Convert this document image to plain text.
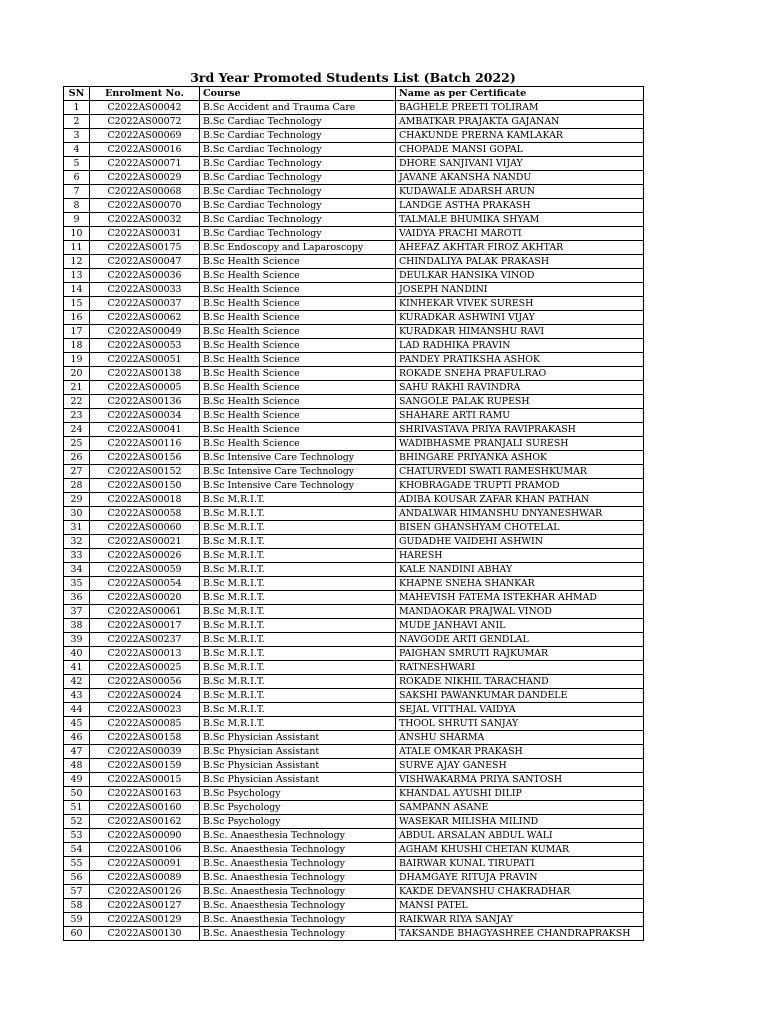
3rd Year Promoted Students List (Batch 2022)
SN	Enrolment No.	Course	Name as per Certificate
1	C2022AS00042	B.Sc Accident and Trauma Care	BAGHELE PREETI TOLIRAM
2	C2022AS00072	B.Sc Cardiac Technology	AMBATKAR PRAJAKTA GAJANAN
3	C2022AS00069	B.Sc Cardiac Technology	CHAKUNDE PRERNA KAMLAKAR
4	C2022AS00016	B.Sc Cardiac Technology	CHOPADE MANSI GOPAL
5	C2022AS00071	B.Sc Cardiac Technology	DHORE SANJIVANI VIJAY
6	C2022AS00029	B.Sc Cardiac Technology	JAVANE AKANSHA NANDU
7	C2022AS00068	B.Sc Cardiac Technology	KUDAWALE ADARSH ARUN
8	C2022AS00070	B.Sc Cardiac Technology	LANDGE ASTHA PRAKASH
9	C2022AS00032	B.Sc Cardiac Technology	TALMALE BHUMIKA SHYAM
10	C2022AS00031	B.Sc Cardiac Technology	VAIDYA PRACHI MAROTI
11	C2022AS00175	B.Sc Endoscopy and Laparoscopy	AHEFAZ AKHTAR FIROZ AKHTAR
12	C2022AS00047	B.Sc Health Science	CHINDALIYA PALAK PRAKASH
13	C2022AS00036	B.Sc Health Science	DEULKAR HANSIKA VINOD
14	C2022AS00033	B.Sc Health Science	JOSEPH NANDINI
15	C2022AS00037	B.Sc Health Science	KINHEKAR VIVEK SURESH
16	C2022AS00062	B.Sc Health Science	KURADKAR ASHWINI VIJAY
17	C2022AS00049	B.Sc Health Science	KURADKAR HIMANSHU RAVI
18	C2022AS00053	B.Sc Health Science	LAD RADHIKA PRAVIN
19	C2022AS00051	B.Sc Health Science	PANDEY PRATIKSHA ASHOK
20	C2022AS00138	B.Sc Health Science	ROKADE SNEHA PRAFULRAO
21	C2022AS00005	B.Sc Health Science	SAHU RAKHI RAVINDRA
22	C2022AS00136	B.Sc Health Science	SANGOLE PALAK RUPESH
23	C2022AS00034	B.Sc Health Science	SHAHARE ARTI RAMU
24	C2022AS00041	B.Sc Health Science	SHRIVASTAVA PRIYA RAVIPRAKASH
25	C2022AS00116	B.Sc Health Science	WADIBHASME PRANJALI SURESH
26	C2022AS00156	B.Sc Intensive Care Technology	BHINGARE PRIYANKA ASHOK
27	C2022AS00152	B.Sc Intensive Care Technology	CHATURVEDI SWATI RAMESHKUMAR
28	C2022AS00150	B.Sc Intensive Care Technology	KHOBRAGADE TRUPTI PRAMOD
29	C2022AS00018	B.Sc M.R.I.T.	ADIBA KOUSAR ZAFAR KHAN PATHAN
30	C2022AS00058	B.Sc M.R.I.T.	ANDALWAR HIMANSHU DNYANESHWAR
31	C2022AS00060	B.Sc M.R.I.T.	BISEN GHANSHYAM CHOTELAL
32	C2022AS00021	B.Sc M.R.I.T.	GUDADHE VAIDEHI ASHWIN
33	C2022AS00026	B.Sc M.R.I.T.	HARESH
34	C2022AS00059	B.Sc M.R.I.T.	KALE NANDINI ABHAY
35	C2022AS00054	B.Sc M.R.I.T.	KHAPNE SNEHA SHANKAR
36	C2022AS00020	B.Sc M.R.I.T.	MAHEVISH FATEMA ISTEKHAR AHMAD
37	C2022AS00061	B.Sc M.R.I.T.	MANDAOKAR PRAJWAL VINOD
38	C2022AS00017	B.Sc M.R.I.T.	MUDE JANHAVI ANIL
39	C2022AS00237	B.Sc M.R.I.T.	NAVGODE ARTI GENDLAL
40	C2022AS00013	B.Sc M.R.I.T.	PAIGHAN SMRUTI RAJKUMAR
41	C2022AS00025	B.Sc M.R.I.T.	RATNESHWARI
42	C2022AS00056	B.Sc M.R.I.T.	ROKADE NIKHIL TARACHAND
43	C2022AS00024	B.Sc M.R.I.T.	SAKSHI PAWANKUMAR DANDELE
44	C2022AS00023	B.Sc M.R.I.T.	SEJAL VITTHAL VAIDYA
45	C2022AS00085	B.Sc M.R.I.T.	THOOL SHRUTI SANJAY
46	C2022AS00158	B.Sc Physician Assistant	ANSHU SHARMA
47	C2022AS00039	B.Sc Physician Assistant	ATALE OMKAR PRAKASH
48	C2022AS00159	B.Sc Physician Assistant	SURVE AJAY GANESH
49	C2022AS00015	B.Sc Physician Assistant	VISHWAKARMA PRIYA SANTOSH
50	C2022AS00163	B.Sc Psychology	KHANDAL AYUSHI DILIP
51	C2022AS00160	B.Sc Psychology	SAMPANN ASANE
52	C2022AS00162	B.Sc Psychology	WASEKAR MILISHA MILIND
53	C2022AS00090	B.Sc. Anaesthesia Technology	ABDUL ARSALAN ABDUL WALI
54	C2022AS00106	B.Sc. Anaesthesia Technology	AGHAM KHUSHI CHETAN KUMAR
55	C2022AS00091	B.Sc. Anaesthesia Technology	BAIRWAR KUNAL TIRUPATI
56	C2022AS00089	B.Sc. Anaesthesia Technology	DHAMGAYE RITUJA PRAVIN
57	C2022AS00126	B.Sc. Anaesthesia Technology	KAKDE DEVANSHU CHAKRADHAR
58	C2022AS00127	B.Sc. Anaesthesia Technology	MANSI PATEL
59	C2022AS00129	B.Sc. Anaesthesia Technology	RAIKWAR RIYA SANJAY
60	C2022AS00130	B.Sc. Anaesthesia Technology	TAKSANDE BHAGYASHREE CHANDRAPRAKSH
